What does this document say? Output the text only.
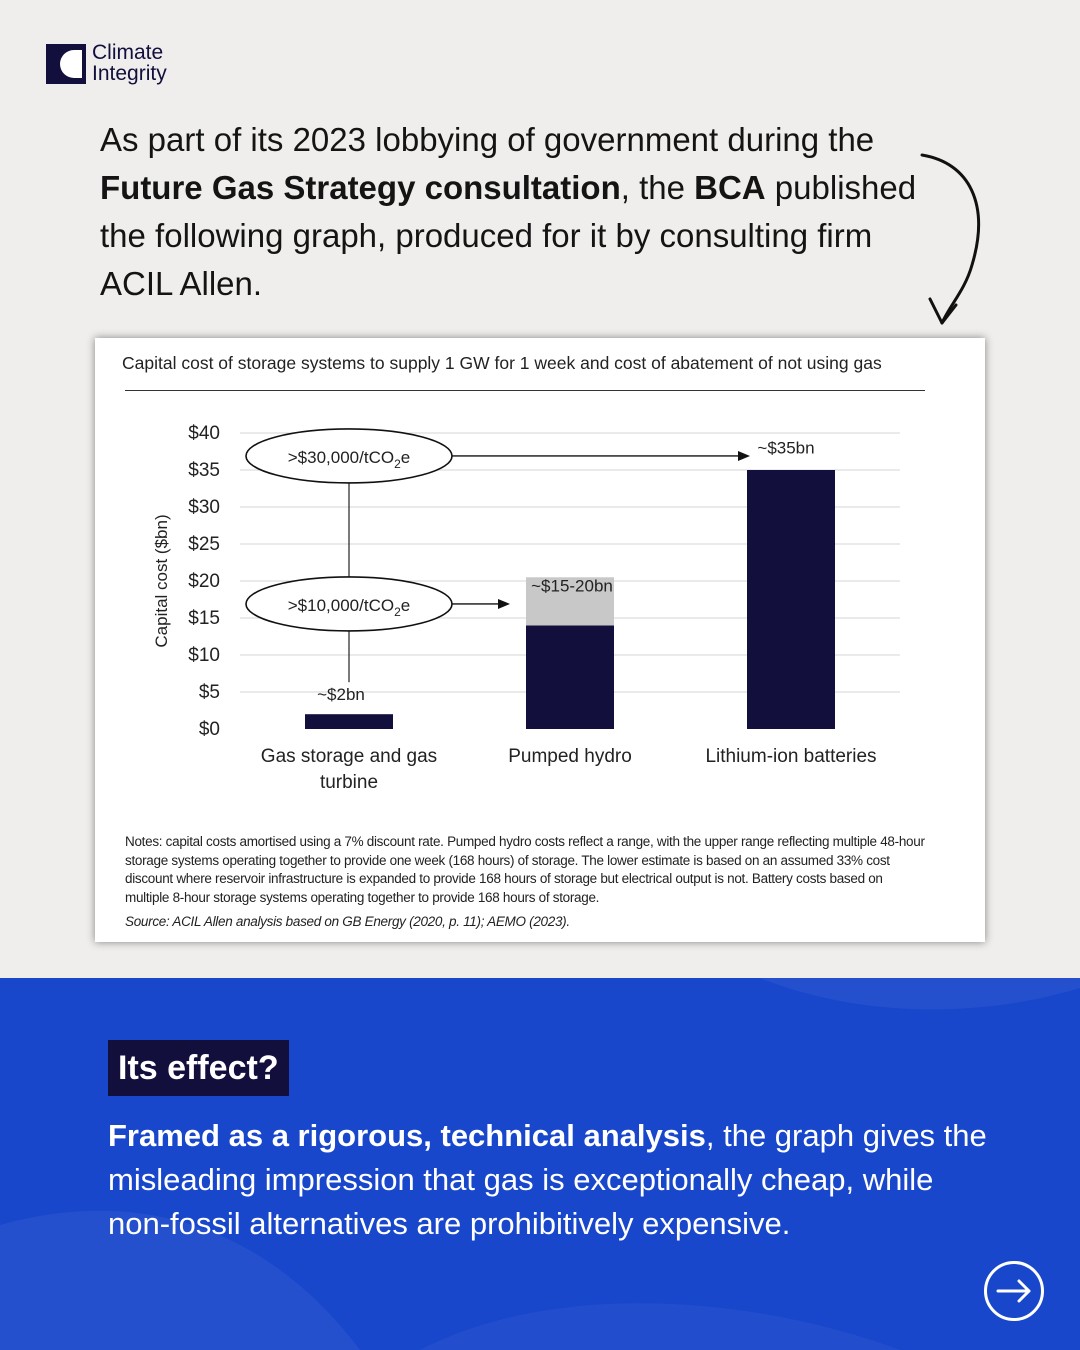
Climate
Integrity

As part of its 2023 lobbying of government during the Future Gas Strategy consultation, the BCA published the following graph, produced for it by consulting firm ACIL Allen.

Capital cost of storage systems to supply 1 GW for 1 week and cost of abatement of not using gas
$0
$5
$10
$15
$20
$25
$30
$35
$40
Capital cost ($bn)
~$2bn
~$15-20bn
~$35bn
>$30,000/tCO$_2$e
>$10,000/tCO$_2$e
Gas storage and gas
turbine
Pumped hydro	Lithium-ion batteries
Notes: capital costs amortised using a 7% discount rate. Pumped hydro costs reflect a range, with the upper range reflecting multiple 48-hour storage systems operating together to provide one week (168 hours) of storage. The lower estimate is based on an assumed 33% cost discount where reservoir infrastructure is expanded to provide 168 hours of storage but electrical output is not. Battery costs based on multiple 8-hour storage systems operating together to provide 168 hours of storage.
Source: ACIL Allen analysis based on GB Energy (2020, p. 11); AEMO (2023).
Its effect?

Framed as a rigorous, technical analysis, the graph gives the misleading impression that gas is exceptionally cheap, while non-fossil alternatives are prohibitively expensive.
